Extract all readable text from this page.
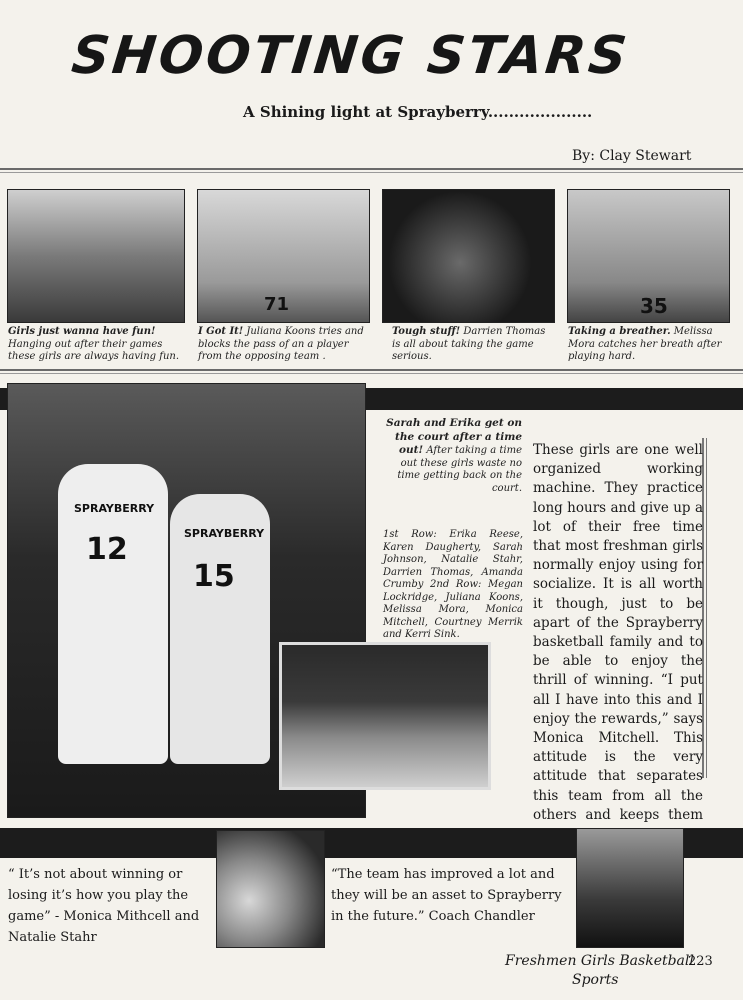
SHOOTING STARS
A Shining light at Sprayberry....................
By: Clay Stewart
71	35
Girls just wanna have fun! Hanging out after their games these girls are always having fun.
I Got It! Juliana Koons tries and blocks the pass of an a player from the opposing team .
Tough stuff! Darrien Thomas is all about taking the game serious.
Taking a breather. Melissa Mora catches her breath after playing hard.
12
15
SPRAYBERRY
SPRAYBERRY
Sarah and Erika get on the court after a time out! After taking a time out these girls waste no time getting back on the court.
1st Row: Erika Reese, Karen Daugherty, Sarah Johnson, Natalie Stahr, Darrien Thomas, Amanda Crumby 2nd Row: Megan Lockridge, Juliana Koons, Melissa Mora, Monica Mitchell, Courtney Merrik and Kerri Sink.
These girls are one well organized working machine. They practice long hours and give up a lot of their free time that most freshman girls normally enjoy using for socialize. It is all worth it though, just to be apart of the Sprayberry basketball family and to be able to enjoy the thrill of winning. “I put all I have into this and I enjoy the rewards,” says Monica Mitchell. This attitude is the very attitude that separates this team from all the others and keeps them
“ It’s not about winning or losing it’s how you play the game” - Monica Mithcell and Natalie Stahr
“The team has improved a lot and they will be an asset to Sprayberry in the future.” Coach Chandler
Freshmen Girls Basketball
223
Sports
